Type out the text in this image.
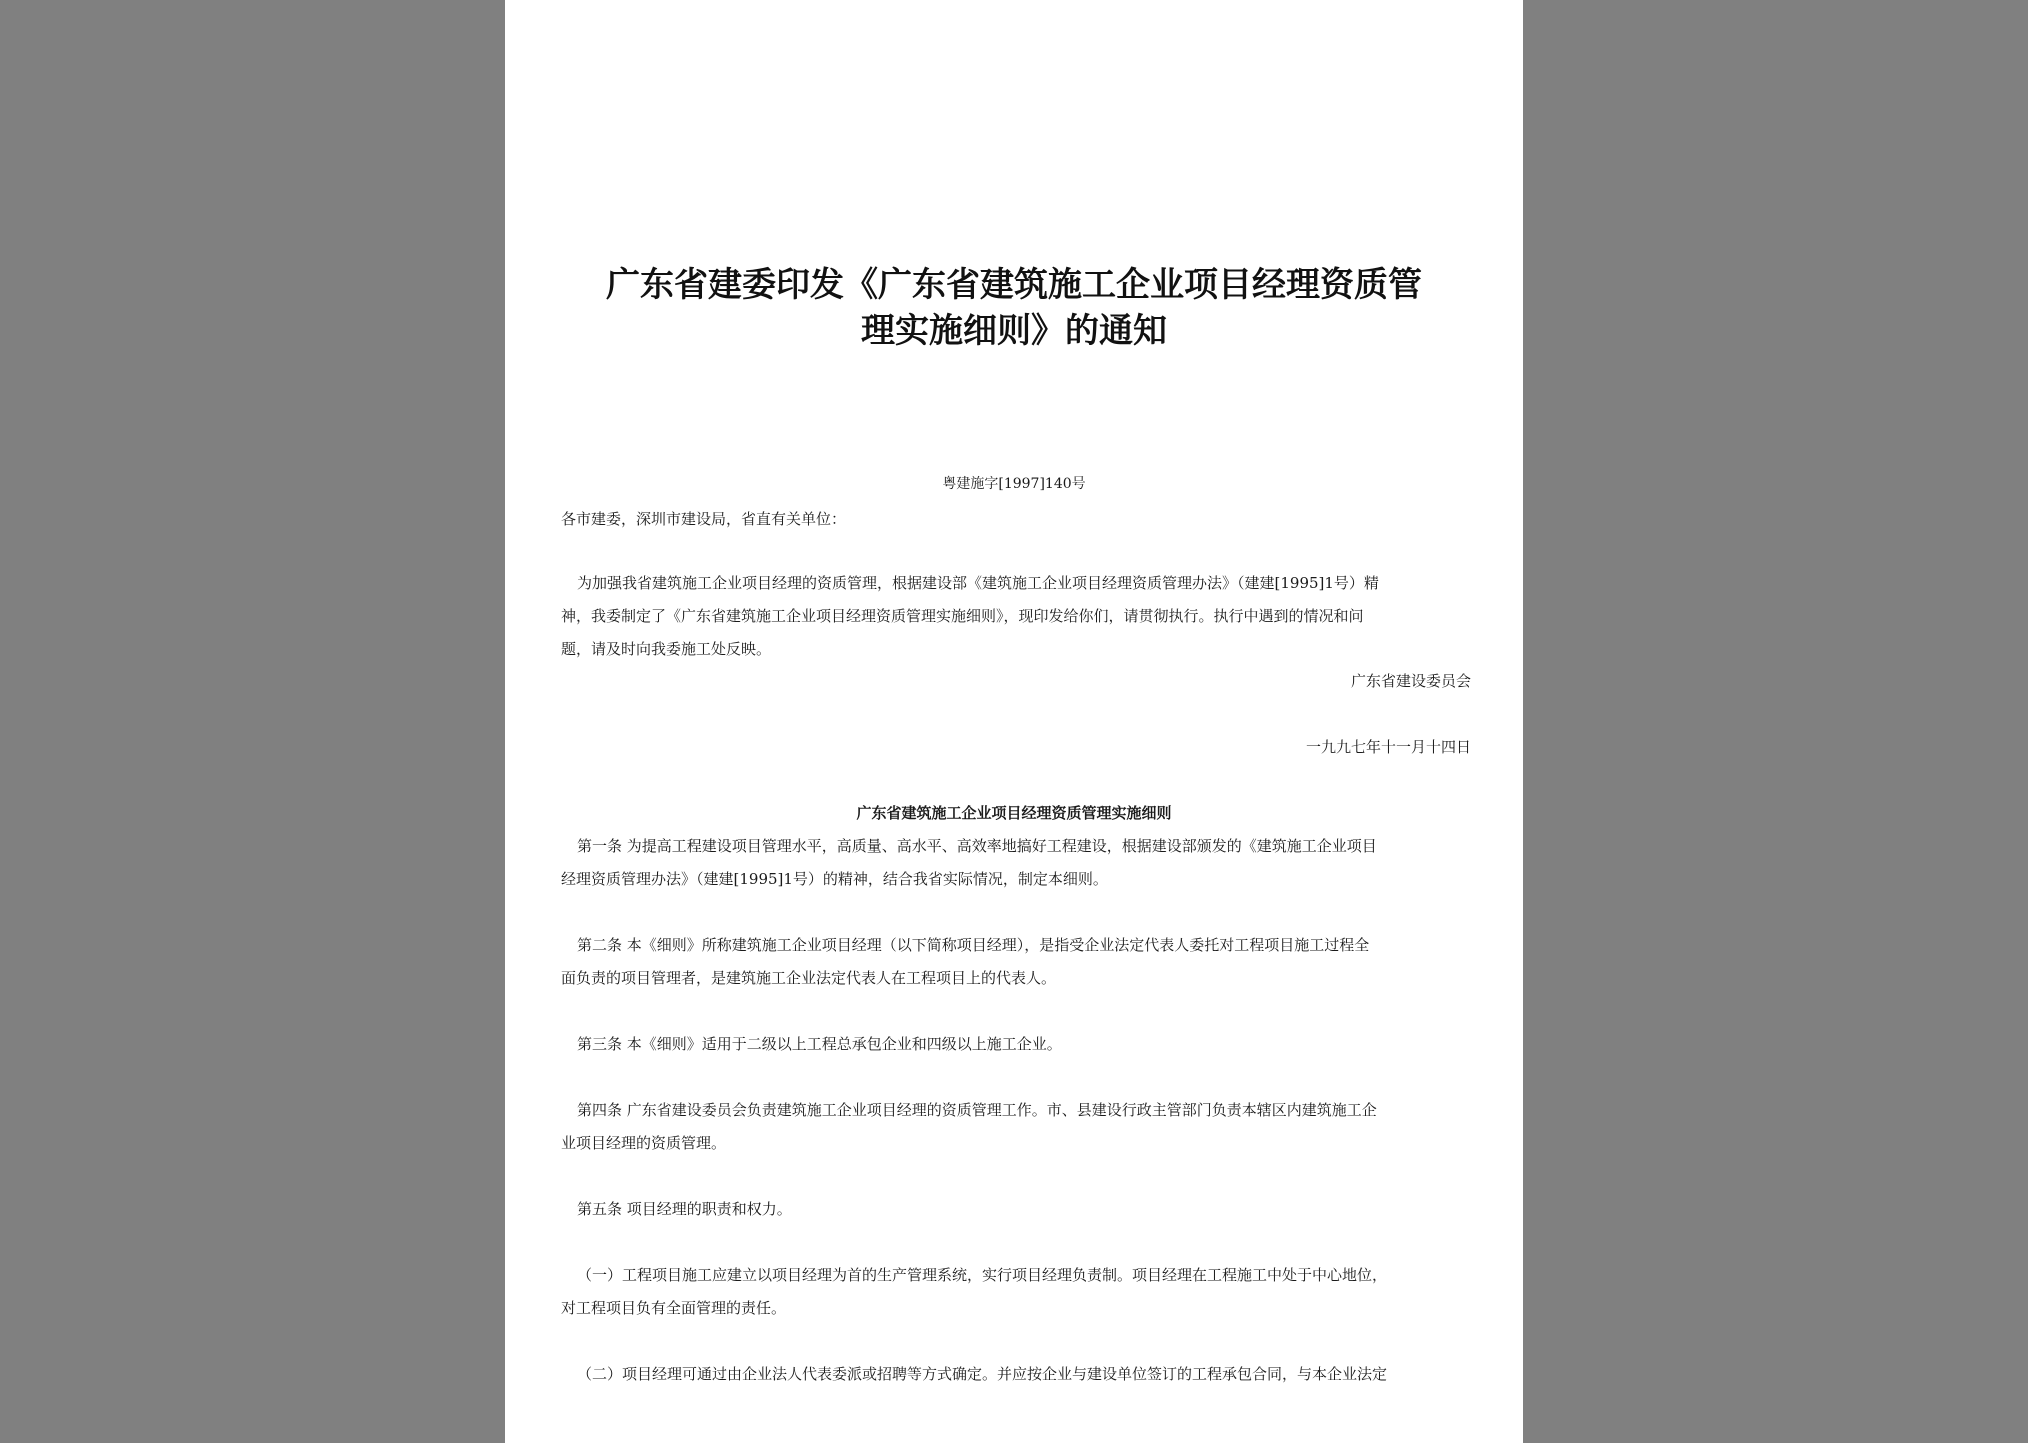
广东省建委印发《广东省建筑施工企业项目经理资质管
理实施细则》的通知
粤建施字[1997]140号
各市建委，深圳市建设局，省直有关单位：
为加强我省建筑施工企业项目经理的资质管理，根据建设部《建筑施工企业项目经理资质管理办法》（建建[1995]1号）精
神，我委制定了《广东省建筑施工企业项目经理资质管理实施细则》，现印发给你们，请贯彻执行。执行中遇到的情况和问
题，请及时向我委施工处反映。
广东省建设委员会
一九九七年十一月十四日
广东省建筑施工企业项目经理资质管理实施细则
第一条 为提高工程建设项目管理水平，高质量、高水平、高效率地搞好工程建设，根据建设部颁发的《建筑施工企业项目
经理资质管理办法》（建建[1995]1号）的精神，结合我省实际情况，制定本细则。
第二条 本《细则》所称建筑施工企业项目经理（以下简称项目经理），是指受企业法定代表人委托对工程项目施工过程全
面负责的项目管理者，是建筑施工企业法定代表人在工程项目上的代表人。
第三条 本《细则》适用于二级以上工程总承包企业和四级以上施工企业。
第四条 广东省建设委员会负责建筑施工企业项目经理的资质管理工作。市、县建设行政主管部门负责本辖区内建筑施工企
业项目经理的资质管理。
第五条 项目经理的职责和权力。
（一）工程项目施工应建立以项目经理为首的生产管理系统，实行项目经理负责制。项目经理在工程施工中处于中心地位，
对工程项目负有全面管理的责任。
（二）项目经理可通过由企业法人代表委派或招聘等方式确定。并应按企业与建设单位签订的工程承包合同，与本企业法定
